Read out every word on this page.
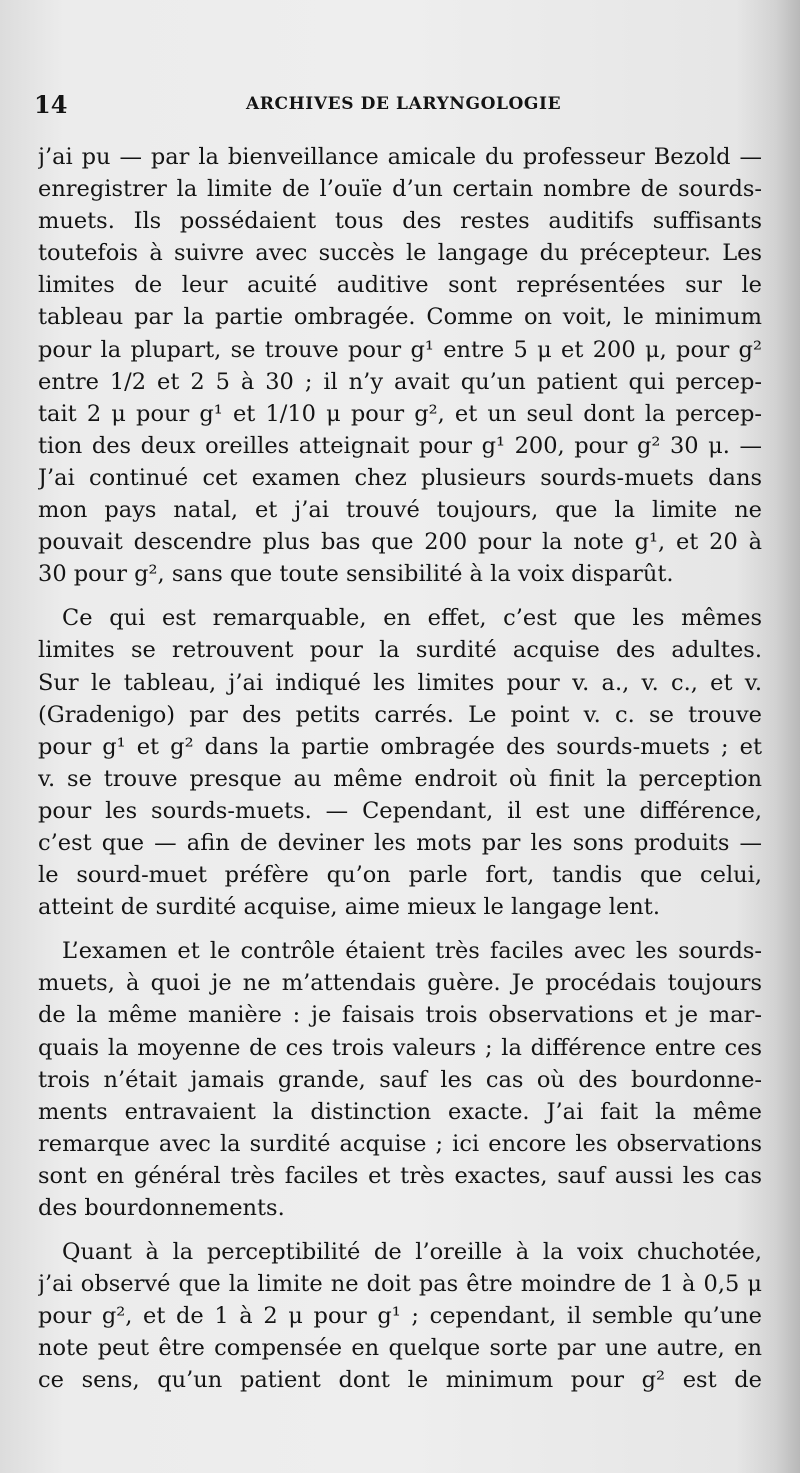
14	ARCHIVES DE LARYNGOLOGIE
j’ai pu — par la bienveillance amicale du professeur Bezold —
enregistrer la limite de l’ouïe d’un certain nombre de sourds-
muets. Ils possédaient tous des restes auditifs suffisants
toutefois à suivre avec succès le langage du précepteur. Les
limites de leur acuité auditive sont représentées sur le
tableau par la partie ombragée. Comme on voit, le minimum
pour la plupart, se trouve pour g¹ entre 5 μ et 200 μ, pour g²
entre 1/2 et 2 5 à 30 ; il n’y avait qu’un patient qui percep-
tait 2 μ pour g¹ et 1/10 μ pour g², et un seul dont la percep-
tion des deux oreilles atteignait pour g¹ 200, pour g² 30 μ. —
J’ai continué cet examen chez plusieurs sourds-muets dans
mon pays natal, et j’ai trouvé toujours, que la limite ne
pouvait descendre plus bas que 200 pour la note g¹, et 20 à
30 pour g², sans que toute sensibilité à la voix disparût.
Ce qui est remarquable, en effet, c’est que les mêmes
limites se retrouvent pour la surdité acquise des adultes.
Sur le tableau, j’ai indiqué les limites pour v. a., v. c., et v.
(Gradenigo) par des petits carrés. Le point v. c. se trouve
pour g¹ et g² dans la partie ombragée des sourds-muets ; et
v. se trouve presque au même endroit où finit la perception
pour les sourds-muets. — Cependant, il est une différence,
c’est que — afin de deviner les mots par les sons produits —
le sourd-muet préfère qu’on parle fort, tandis que celui,
atteint de surdité acquise, aime mieux le langage lent.
L’examen et le contrôle étaient très faciles avec les sourds-
muets, à quoi je ne m’attendais guère. Je procédais toujours
de la même manière : je faisais trois observations et je mar-
quais la moyenne de ces trois valeurs ; la différence entre ces
trois n’était jamais grande, sauf les cas où des bourdonne-
ments entravaient la distinction exacte. J’ai fait la même
remarque avec la surdité acquise ; ici encore les observations
sont en général très faciles et très exactes, sauf aussi les cas
des bourdonnements.
Quant à la perceptibilité de l’oreille à la voix chuchotée,
j’ai observé que la limite ne doit pas être moindre de 1 à 0,5 μ
pour g², et de 1 à 2 μ pour g¹ ; cependant, il semble qu’une
note peut être compensée en quelque sorte par une autre, en
ce sens, qu’un patient dont le minimum pour g² est de
